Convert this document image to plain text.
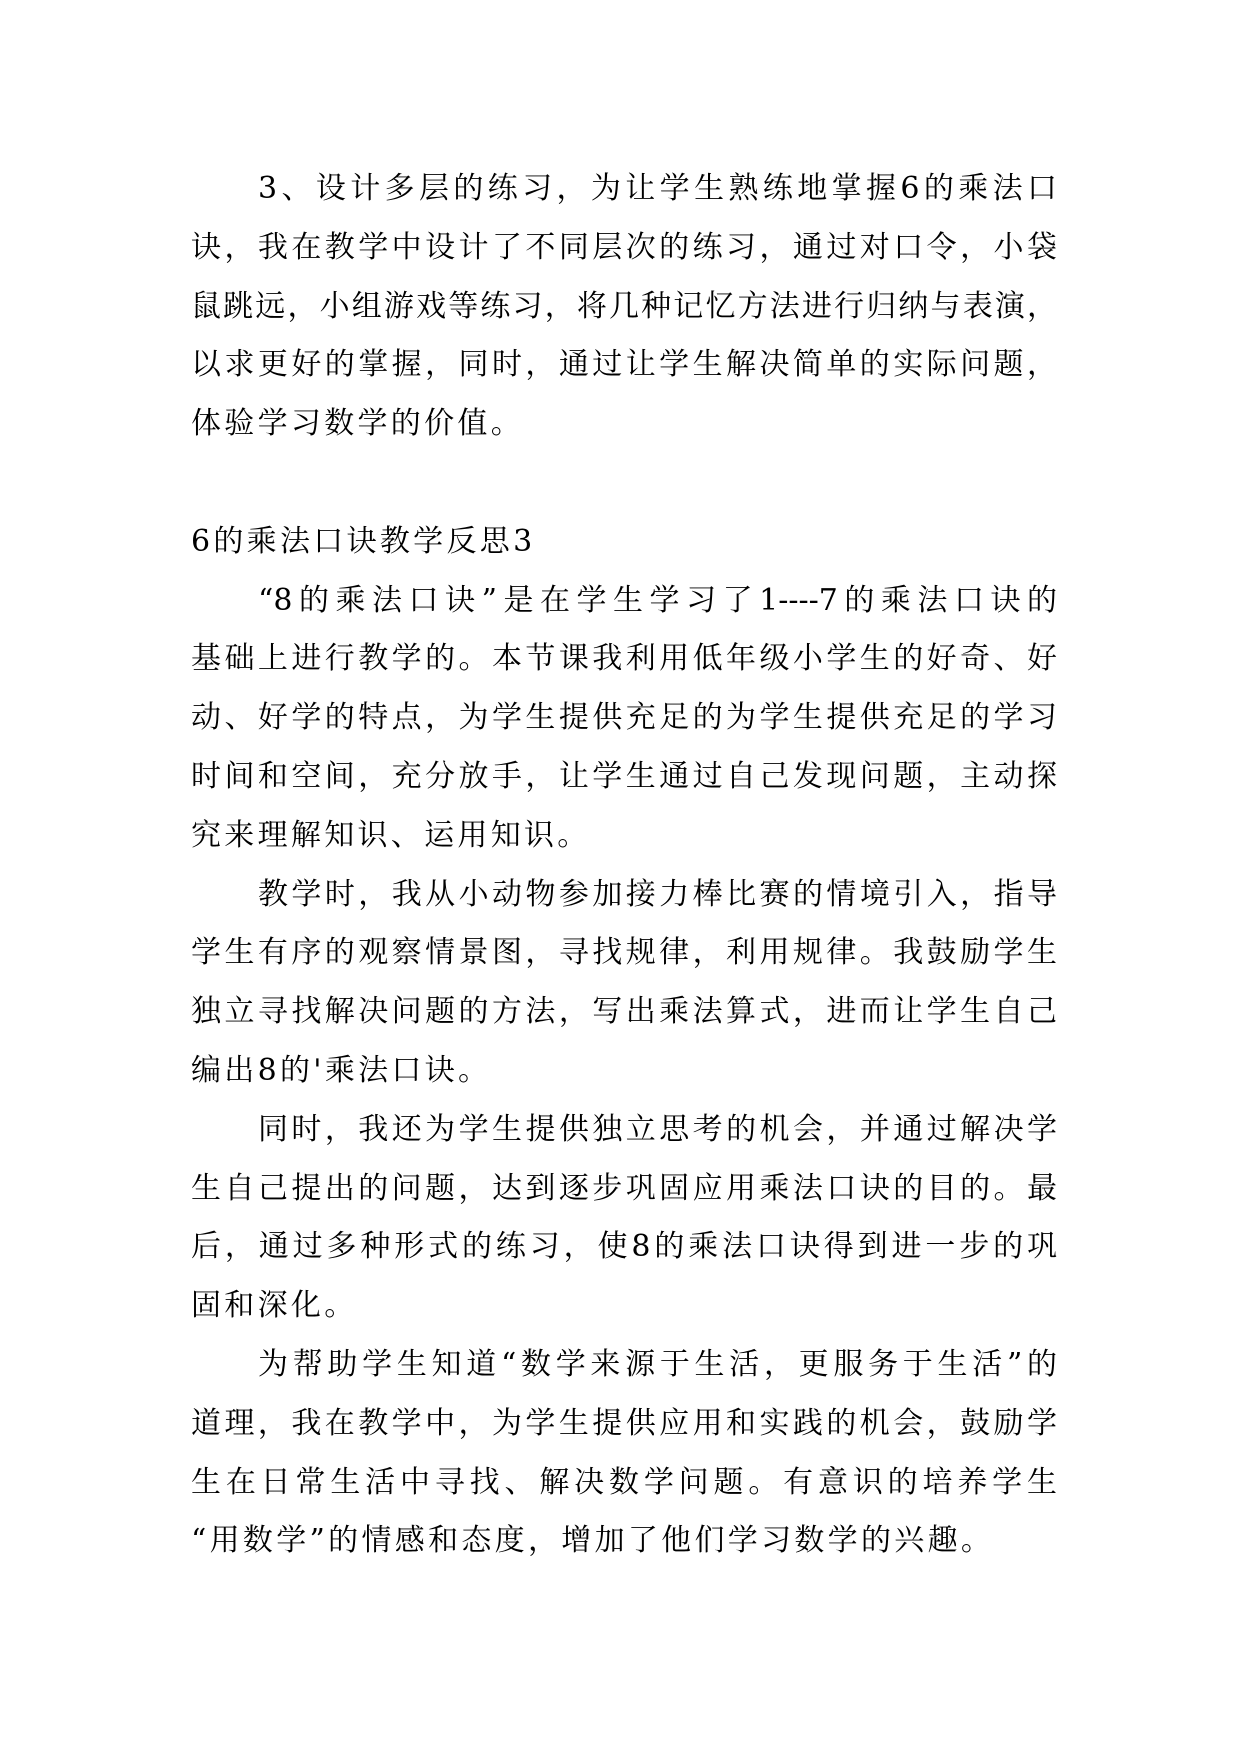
3、设计多层的练习，为让学生熟练地掌握6的乘法口
诀，我在教学中设计了不同层次的练习，通过对口令，小袋
鼠跳远，小组游戏等练习，将几种记忆方法进行归纳与表演，
以求更好的掌握，同时，通过让学生解决简单的实际问题，
体验学习数学的价值。
6的乘法口诀教学反思3
“8的乘法口诀”是在学生学习了1----7的乘法口诀的
基础上进行教学的。本节课我利用低年级小学生的好奇、好
动、好学的特点，为学生提供充足的为学生提供充足的学习
时间和空间，充分放手，让学生通过自己发现问题，主动探
究来理解知识、运用知识。
教学时，我从小动物参加接力棒比赛的情境引入，指导
学生有序的观察情景图，寻找规律，利用规律。我鼓励学生
独立寻找解决问题的方法，写出乘法算式，进而让学生自己
编出8的'乘法口诀。
同时，我还为学生提供独立思考的机会，并通过解决学
生自己提出的问题，达到逐步巩固应用乘法口诀的目的。最
后，通过多种形式的练习，使8的乘法口诀得到进一步的巩
固和深化。
为帮助学生知道“数学来源于生活，更服务于生活”的
道理，我在教学中，为学生提供应用和实践的机会，鼓励学
生在日常生活中寻找、解决数学问题。有意识的培养学生
“用数学”的情感和态度，增加了他们学习数学的兴趣。
